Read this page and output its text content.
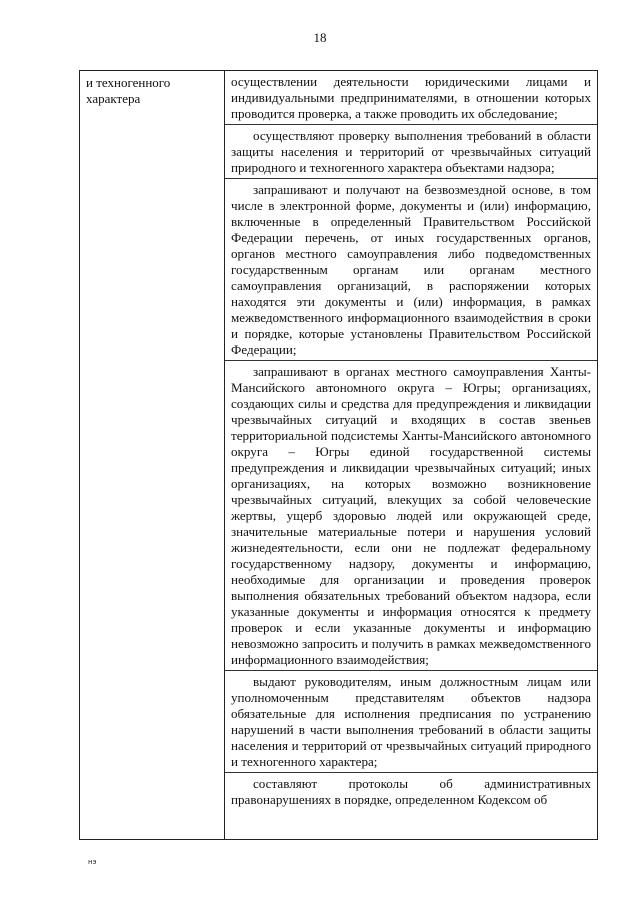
18
и техногенного
характера
осуществлении деятельности юридическими лицами и индивидуальными предпринимателями, в отношении которых проводится проверка, а также проводить их обследование;
осуществляют проверку выполнения требований в области защиты населения и территорий от чрезвычайных ситуаций природного и техногенного характера объектами надзора;
запрашивают и получают на безвозмездной основе, в том числе в электронной форме, документы и (или) информацию, включенные в определенный Правительством Российской Федерации перечень, от иных государственных органов, органов местного самоуправления либо подведомственных государственным органам или органам местного самоуправления организаций, в распоряжении которых находятся эти документы и (или) информация, в рамках межведомственного информационного взаимодействия в сроки и порядке, которые установлены Правительством Российской Федерации;
запрашивают в органах местного самоуправления Ханты-Мансийского автономного округа – Югры; организациях, создающих силы и средства для предупреждения и ликвидации чрезвычайных ситуаций и входящих в состав звеньев территориальной подсистемы Ханты-Мансийского автономного округа – Югры единой государственной системы предупреждения и ликвидации чрезвычайных ситуаций; иных организациях, на которых возможно возникновение чрезвычайных ситуаций, влекущих за собой человеческие жертвы, ущерб здоровью людей или окружающей среде, значительные материальные потери и нарушения условий жизнедеятельности, если они не подлежат федеральному государственному надзору, документы и информацию, необходимые для организации и проведения проверок выполнения обязательных требований объектом надзора, если указанные документы и информация относятся к предмету проверок и если указанные документы и информацию невозможно запросить и получить в рамках межведомственного информационного взаимодействия;
выдают руководителям, иным должностным лицам или уполномоченным представителям объектов надзора обязательные для исполнения предписания по устранению нарушений в части выполнения требований в области защиты населения и территорий от чрезвычайных ситуаций природного и техногенного характера;
составляют протоколы об административных правонарушениях в порядке, определенном Кодексом об
нэ
